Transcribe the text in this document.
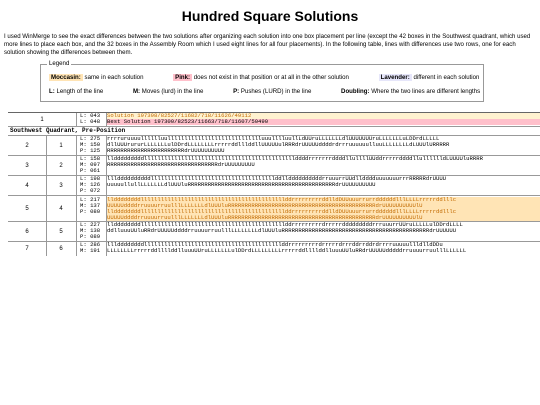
Hundred Square Solutions

I used WinMerge to see the exact differences between the two solutions after organizing each solution into one box placement per line (except the 42 boxes in the Southwest quadrant, which used more lines to place each box, and the 32 boxes in the Assembly Room which I used eight lines for all four placements). In the following table, lines with differences use two rows, one for each solution showing the differences between them.

Legend
Moccasin: same in each solution	Pink: does not exist in that position or at all in the other solution	Lavender: different in each solution
L: Length of the line	M: Moves (lurd) in the line	P: Pushes (LURD) in the line	Doubling: Where the two lines are different lengths
1
L: 043
L: 048
Solution 197398/82527/11682/718/11626/49112
Best Solution 197300/82523/11663/718/11607/50490
Southwest Quadrant, Pre-Position
2	1
L: 275
M: 150
P: 125
rrrruruuuulllllluulllllllllllllllllllllllllllluuulllluullLdUUruLLLLLLLdlUUUUUUUruLLLLLLLuLDDrdLLLLL
dllUUUrururLLLLLLLulDDrdLLLLLLLLrrrrrddlllddllUUUUUulRRRdrUUUUUddddrdrrruuuuuulluuLLLLLLLLdLUUUlURRRRR
RRRRRRRRRRRRRRRRRRRRRRRdrUUUUUUUUUU
3	2
L: 158
M: 097
P: 061
lldddddddddlllllllllllllllllllllllllllllllllllllllllllllddddrrrrrrrddddllullllUUddrrrrrddddllulllllldLUUUUluRRRR
RRRRRRRRRRRRRRRRRRRRRRRRRRRRRRRRRdrUUUUUUUUU
4	3
L: 198
M: 126
P: 072
lllddddddddddlllllllllllllllllllllllllllllllllllllddllddddddddddrruuurrUUdlldddduuuuuuurrrRRRRRdrUUUU
uuuuullullLLLLLLLdlUUUluRRRRRRRRRRRRRRRRRRRRRRRRRRRRRRRRRRRRRRRRRRRRdrUUUUUUUUUU
5	4
L: 217
M: 137
P: 080
llddddddddlllllllllllllllllllllllllllllllllllllllllllddrrrrrrrrrddlldDUUuuurrurrddddddlllLLLLrrrrrddlllc
UUUUUddddrruuuurruulllLLLLLLLdlUUUluRRRRRRRRRRRRRRRRRRRRRRRRRRRRRRRRRRRRRRRRRRRRdrUUUUUUUUUUlU
llddddddddlllllllllllllllllllllllllllllllllllllllllllddrrrrrrrrrddlldDUUuuurrurrddddddlllLLLLrrrrrddlllc
UUUUUddddrruuuurruulllLLLLLLLdlUUUluRRRRRRRRRRRRRRRRRRRRRRRRRRRRRRRRRRRRRRRRRRRRdrUUUUUUUUUUlU
6	5
L: 227
M: 138
P: 089
llddddddddlllllllllllllllllllllllllllllllllllllllllllddrrrrrrrrrdrrrrrdddddddddrrruuurrUUruLLLLLulDDrdLLLL
ddlluuuUUluRRdrUUUUUddddrruuuurruulllLLLLLLLLdlUUUluRRRRRRRRRRRRRRRRRRRRRRRRRRRRRRRRRRRRRRRRRRRRdrUUUUUU
7	6
L: 286
M: 191
lllddddddddlllllllllllllllllllllllllllllllllllllllllddrrrrrrrrrdrrrrrdrrrddrrddrdrrrruuuuullldlldDDu
LLLLLLLLrrrrrddllllddlluuuUUruLLLLLLLulDDrdLLLLLLLLLrrrrrddllllddlluuuUUluRRdrUUUUUdddddrruuuurruulllLLLLLL
